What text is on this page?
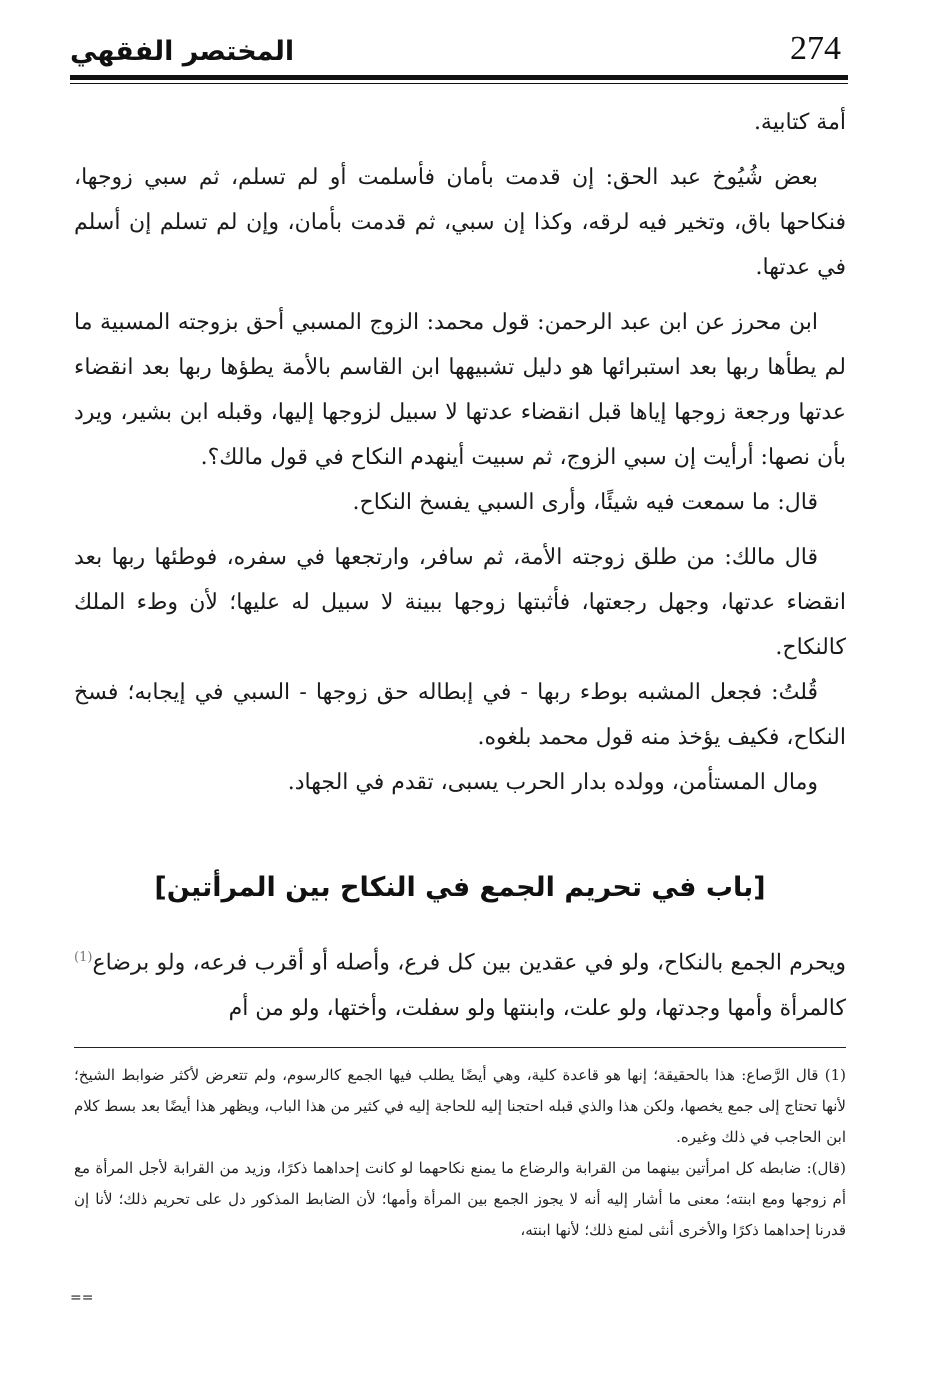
274
المختصر الفقهي

أمة كتابية.

بعض شُيُوخ عبد الحق: إن قدمت بأمان فأسلمت أو لم تسلم، ثم سبي زوجها، فنكاحها باق، وتخير فيه لرقه، وكذا إن سبي، ثم قدمت بأمان، وإن لم تسلم إن أسلم في عدتها.

ابن محرز عن ابن عبد الرحمن: قول محمد: الزوج المسبي أحق بزوجته المسبية ما لم يطأها ربها بعد استبرائها هو دليل تشبيهها ابن القاسم بالأمة يطؤها ربها بعد انقضاء عدتها ورجعة زوجها إياها قبل انقضاء عدتها لا سبيل لزوجها إليها، وقبله ابن بشير، ويرد بأن نصها: أرأيت إن سبي الزوج، ثم سبيت أينهدم النكاح في قول مالك؟.

قال: ما سمعت فيه شيئًا، وأرى السبي يفسخ النكاح.

قال مالك: من طلق زوجته الأمة، ثم سافر، وارتجعها في سفره، فوطئها ربها بعد انقضاء عدتها، وجهل رجعتها، فأثبتها زوجها ببينة لا سبيل له عليها؛ لأن وطء الملك كالنكاح.

قُلتُ: فجعل المشبه بوطء ربها - في إبطاله حق زوجها - السبي في إيجابه؛ فسخ النكاح، فكيف يؤخذ منه قول محمد بلغوه.

ومال المستأمن، وولده بدار الحرب يسبى، تقدم في الجهاد.

[باب في تحريم الجمع في النكاح بين المرأتين]

ويحرم الجمع بالنكاح، ولو في عقدين بين كل فرع، وأصله أو أقرب فرعه، ولو برضاع$^{(1)}$ كالمرأة وأمها وجدتها، ولو علت، وابنتها ولو سفلت، وأختها، ولو من أم

(1) قال الرَّصاع: هذا بالحقيقة؛ إنها هو قاعدة كلية، وهي أيضًا يطلب فيها الجمع كالرسوم، ولم تتعرض لأكثر ضوابط الشيخ؛ لأنها تحتاج إلى جمع يخصها، ولكن هذا والذي قبله احتجنا إليه للحاجة إليه في كثير من هذا الباب، ويظهر هذا أيضًا بعد بسط كلام ابن الحاجب في ذلك وغيره.

(قال): ضابطه كل امرأتين بينهما من القرابة والرضاع ما يمنع نكاحهما لو كانت إحداهما ذكرًا، وزيد من القرابة لأجل المرأة مع أم زوجها ومع ابنته؛ معنى ما أشار إليه أنه لا يجوز الجمع بين المرأة وأمها؛ لأن الضابط المذكور دل على تحريم ذلك؛ لأنا إن قدرنا إحداهما ذكرًا والأخرى أنثى لمنع ذلك؛ لأنها ابنته،

==
